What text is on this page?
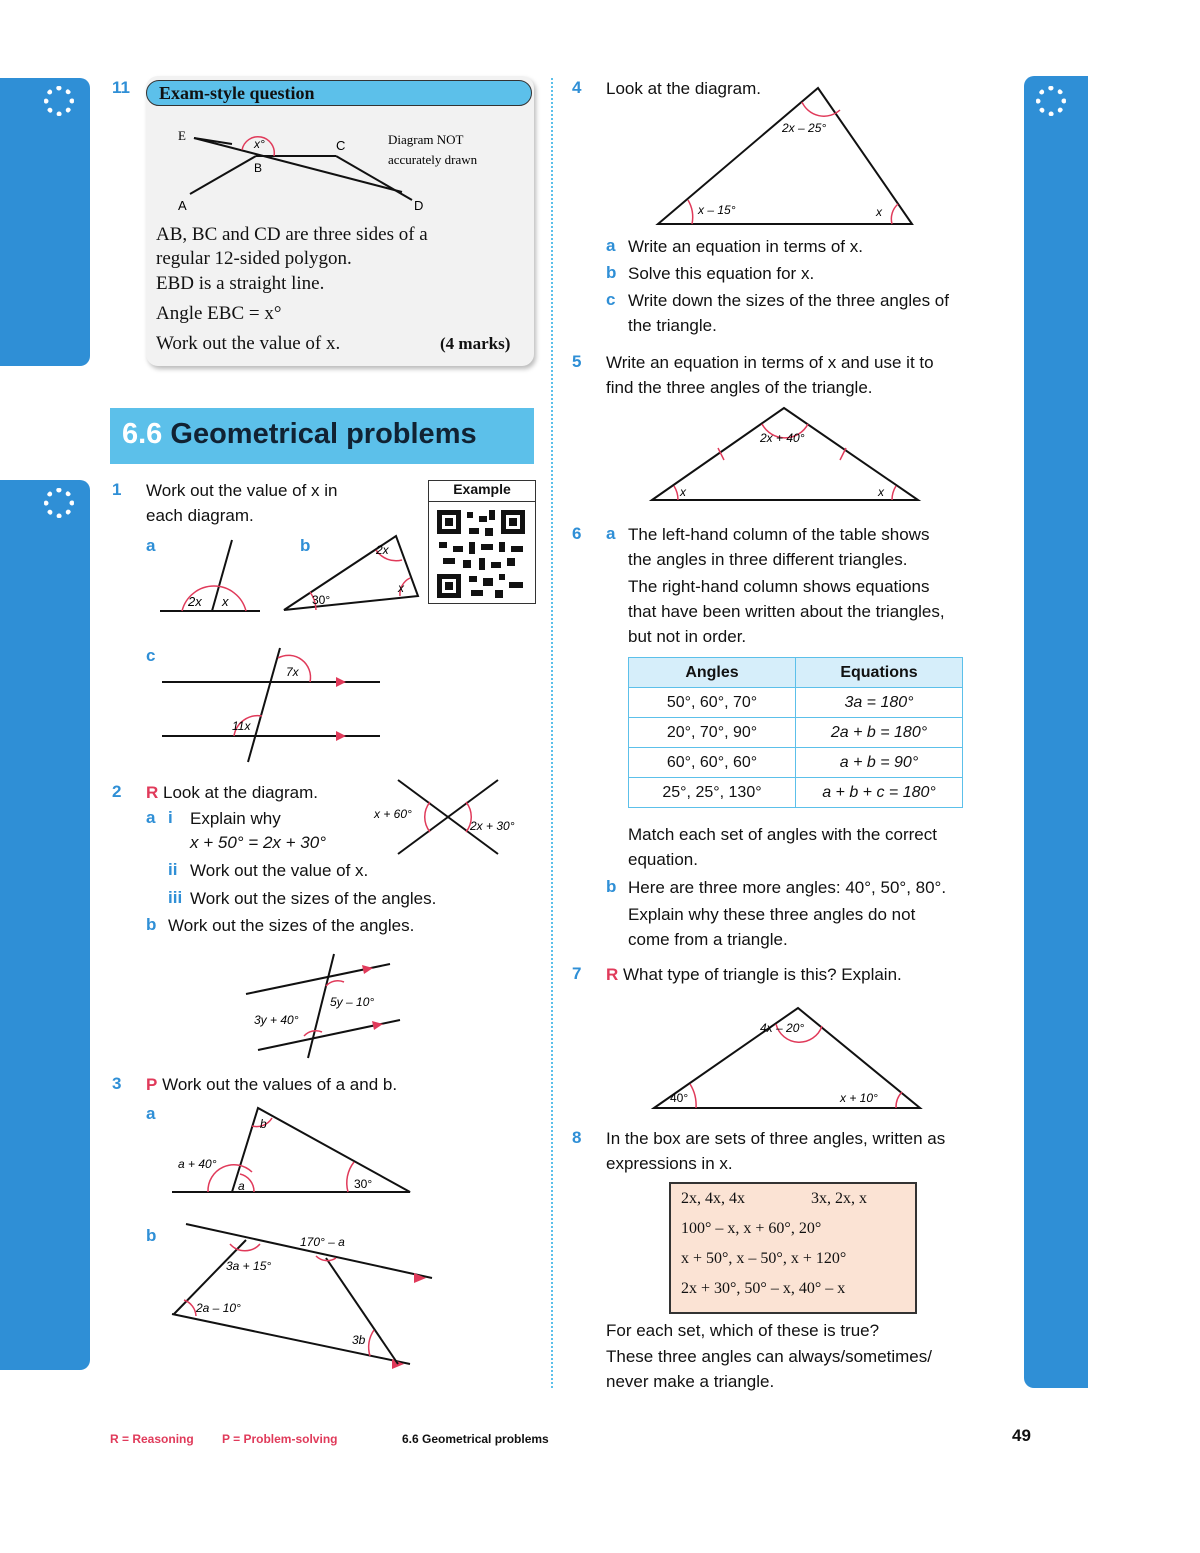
11	Exam-style question
E
C
B
A	D
x°	Diagram NOT
accurately drawn
AB, BC and CD are three sides of a
regular 12-sided polygon.
EBD is a straight line.
Angle EBC = x°
Work out the value of x.	(4 marks)
6.6 Geometrical problems
1 Work out the value of x in
each diagram.
Example
a	b
2x x
2x
x
30°
c
7x
11x
2 R Look at the diagram.
x + 60°
2x + 30°
a i Explain why
x + 50° = 2x + 30°
ii Work out the value of x.
iii Work out the sizes of the angles.
b Work out the sizes of the angles.
5y – 10°
3y + 40°
3 P Work out the values of a and b.
a
b
a + 40°
a	30°
b	170° – a
3a + 15°
2a – 10°
3b
4 Look at the diagram.
2x – 25°
x – 15°	x
a Write an equation in terms of x.
b Solve this equation for x.
c Write down the sizes of the three angles of
the triangle.
5 Write an equation in terms of x and use it to
find the three angles of the triangle.
2x + 40°
x	x
6 a The left-hand column of the table shows
the angles in three different triangles.
The right-hand column shows equations
that have been written about the triangles,
but not in order.
Angles	Equations
50°, 60°, 70°	3a = 180°
20°, 70°, 90°	2a + b = 180°
60°, 60°, 60°	a + b = 90°
25°, 25°, 130°	a + b + c = 180°
Match each set of angles with the correct
equation.
b Here are three more angles: 40°, 50°, 80°.
Explain why these three angles do not
come from a triangle.
7 R What type of triangle is this? Explain.
4x – 20°
40°	x + 10°
8 In the box are sets of three angles, written as
expressions in x.
2x, 4x, 4x	3x, 2x, x
100° – x, x + 60°, 20°
x + 50°, x – 50°, x + 120°
2x + 30°, 50° – x, 40° – x
For each set, which of these is true?
These three angles can always/sometimes/
never make a triangle.
R = Reasoning P = Problem-solving	6.6 Geometrical problems	49
